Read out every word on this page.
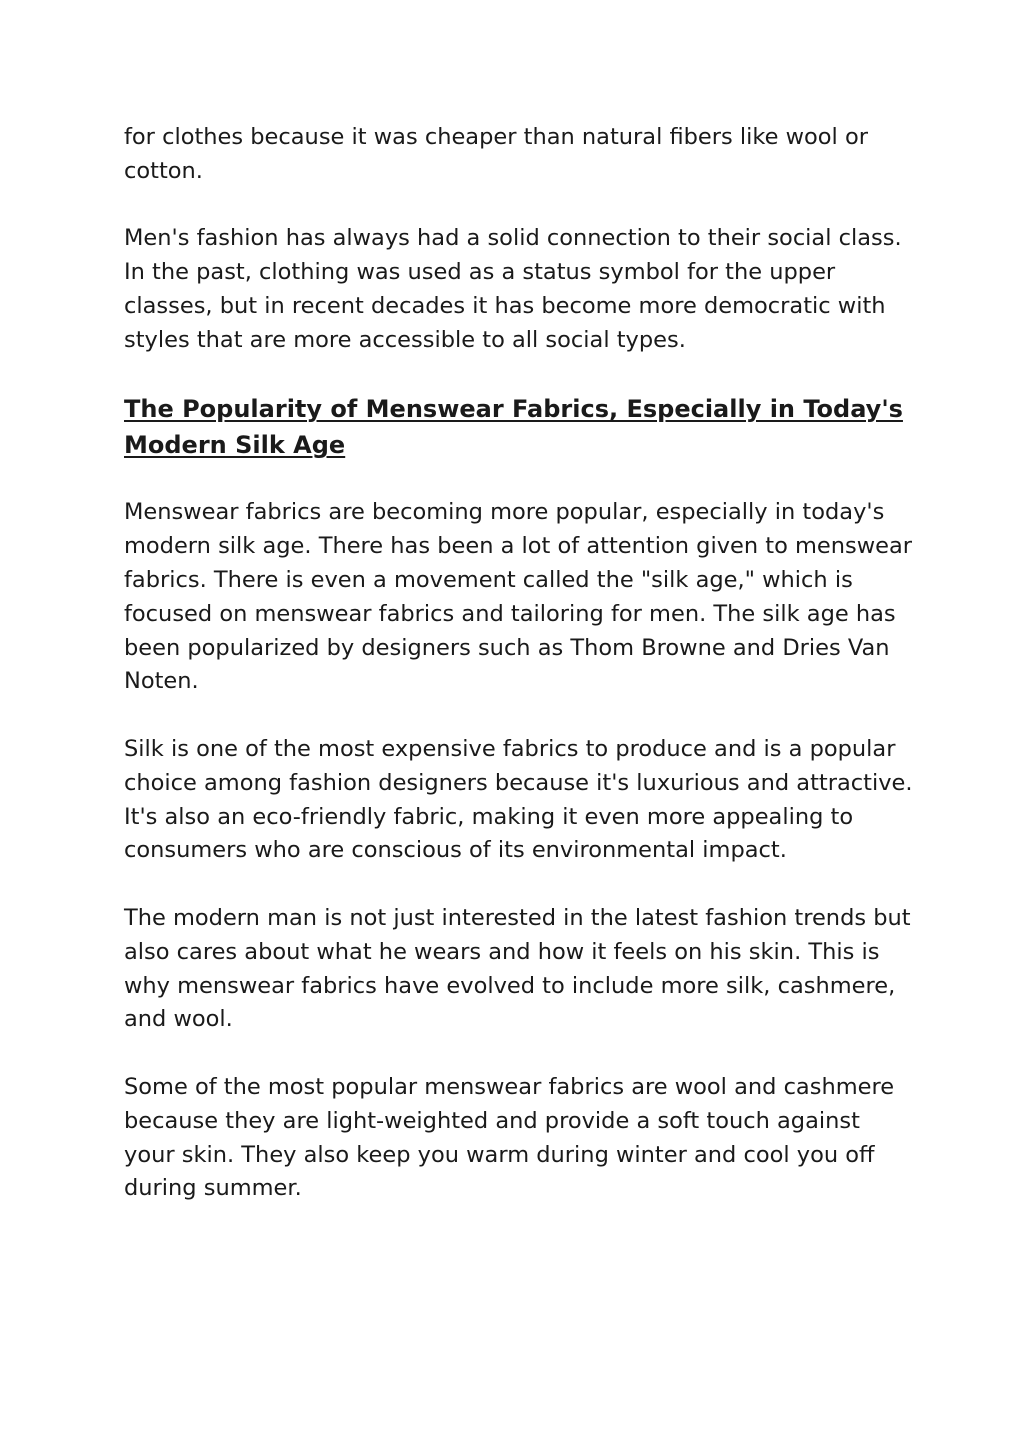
for clothes because it was cheaper than natural fibers like wool or cotton.

Men's fashion has always had a solid connection to their social class. In the past, clothing was used as a status symbol for the upper classes, but in recent decades it has become more democratic with styles that are more accessible to all social types.

The Popularity of Menswear Fabrics, Especially in Today's Modern Silk Age

Menswear fabrics are becoming more popular, especially in today's modern silk age. There has been a lot of attention given to menswear fabrics. There is even a movement called the "silk age," which is focused on menswear fabrics and tailoring for men. The silk age has been popularized by designers such as Thom Browne and Dries Van Noten.

Silk is one of the most expensive fabrics to produce and is a popular choice among fashion designers because it's luxurious and attractive. It's also an eco-friendly fabric, making it even more appealing to consumers who are conscious of its environmental impact.

The modern man is not just interested in the latest fashion trends but also cares about what he wears and how it feels on his skin. This is why menswear fabrics have evolved to include more silk, cashmere, and wool.

Some of the most popular menswear fabrics are wool and cashmere because they are light-weighted and provide a soft touch against your skin. They also keep you warm during winter and cool you off during summer.
